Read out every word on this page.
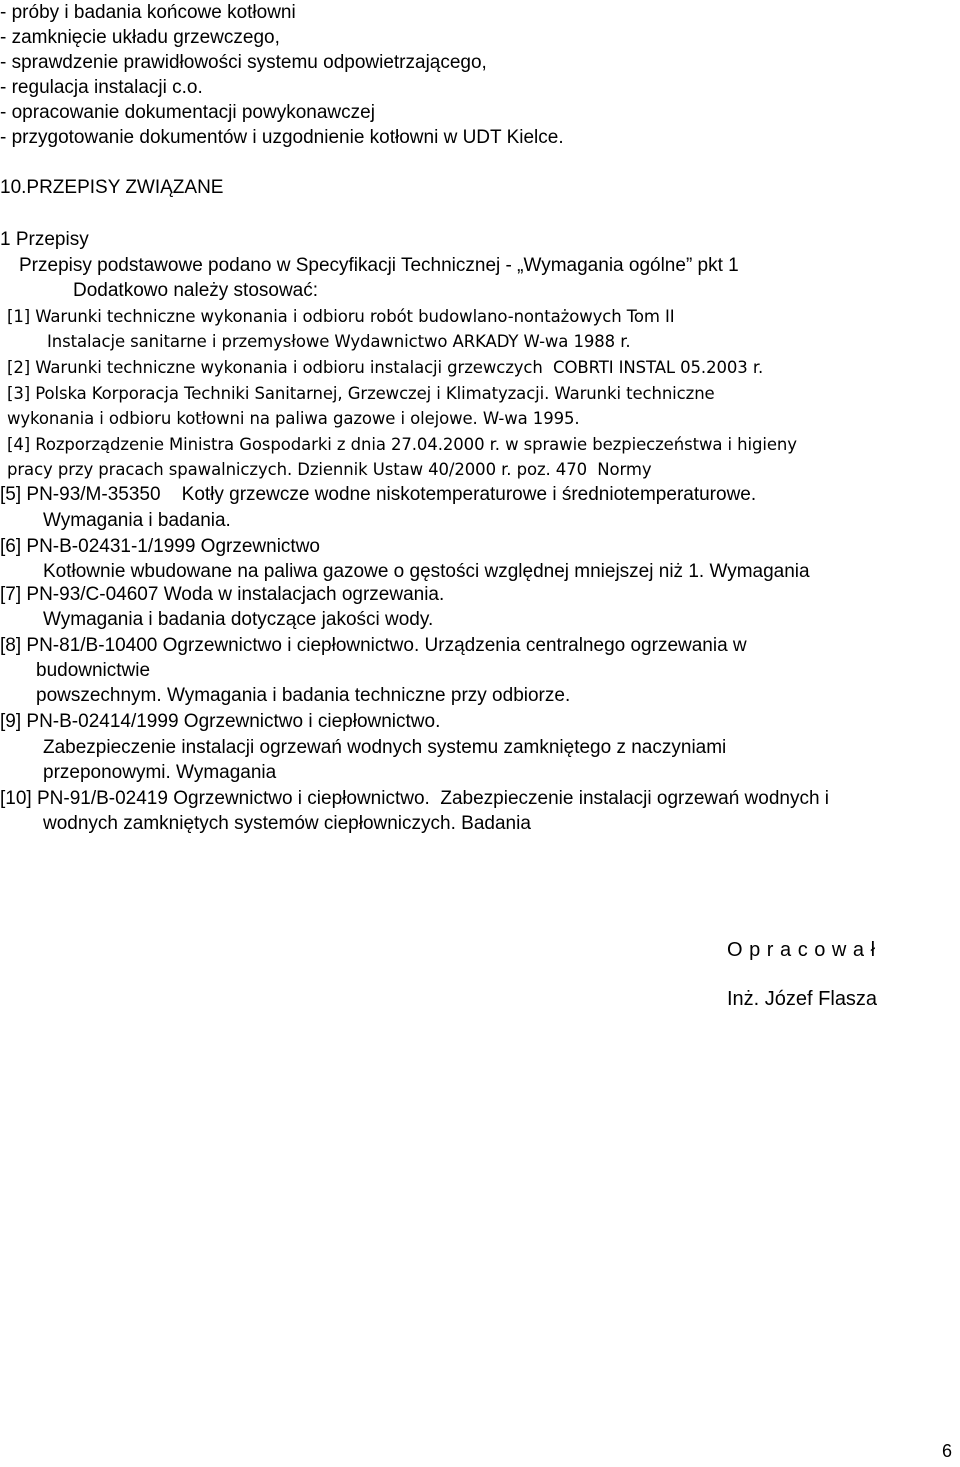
- próby i badania końcowe kotłowni
- zamknięcie układu grzewczego,
- sprawdzenie prawidłowości systemu odpowietrzającego,
- regulacja instalacji c.o.
- opracowanie dokumentacji powykonawczej
- przygotowanie dokumentów i uzgodnienie kotłowni w UDT Kielce.
10.PRZEPISY ZWIĄZANE
1 Przepisy
Przepisy podstawowe podano w Specyfikacji Technicznej - „Wymagania ogólne” pkt 1
Dodatkowo należy stosować:
[1] Warunki techniczne wykonania i odbioru robót budowlano-nontażowych Tom II
Instalacje sanitarne i przemysłowe Wydawnictwo ARKADY W-wa 1988 r.
[2] Warunki techniczne wykonania i odbioru instalacji grzewczych  COBRTI INSTAL 05.2003 r.
[3] Polska Korporacja Techniki Sanitarnej, Grzewczej i Klimatyzacji. Warunki techniczne
wykonania i odbioru kotłowni na paliwa gazowe i olejowe. W-wa 1995.
[4] Rozporządzenie Ministra Gospodarki z dnia 27.04.2000 r. w sprawie bezpieczeństwa i higieny
pracy przy pracach spawalniczych. Dziennik Ustaw 40/2000 r. poz. 470  Normy
[5] PN-93/M-35350    Kotły grzewcze wodne niskotemperaturowe i średniotemperaturowe.
Wymagania i badania.
[6] PN-B-02431-1/1999 Ogrzewnictwo
Kotłownie wbudowane na paliwa gazowe o gęstości względnej mniejszej niż 1. Wymagania
[7] PN-93/C-04607 Woda w instalacjach ogrzewania.
Wymagania i badania dotyczące jakości wody.
[8] PN-81/B-10400 Ogrzewnictwo i ciepłownictwo. Urządzenia centralnego ogrzewania w
budownictwie
powszechnym. Wymagania i badania techniczne przy odbiorze.
[9] PN-B-02414/1999 Ogrzewnictwo i ciepłownictwo.
Zabezpieczenie instalacji ogrzewań wodnych systemu zamkniętego z naczyniami
przeponowymi. Wymagania
[10] PN-91/B-02419 Ogrzewnictwo i ciepłownictwo.  Zabezpieczenie instalacji ogrzewań wodnych i
wodnych zamkniętych systemów ciepłowniczych. Badania
O p r a c o w a ł
Inż. Józef Flasza
6
